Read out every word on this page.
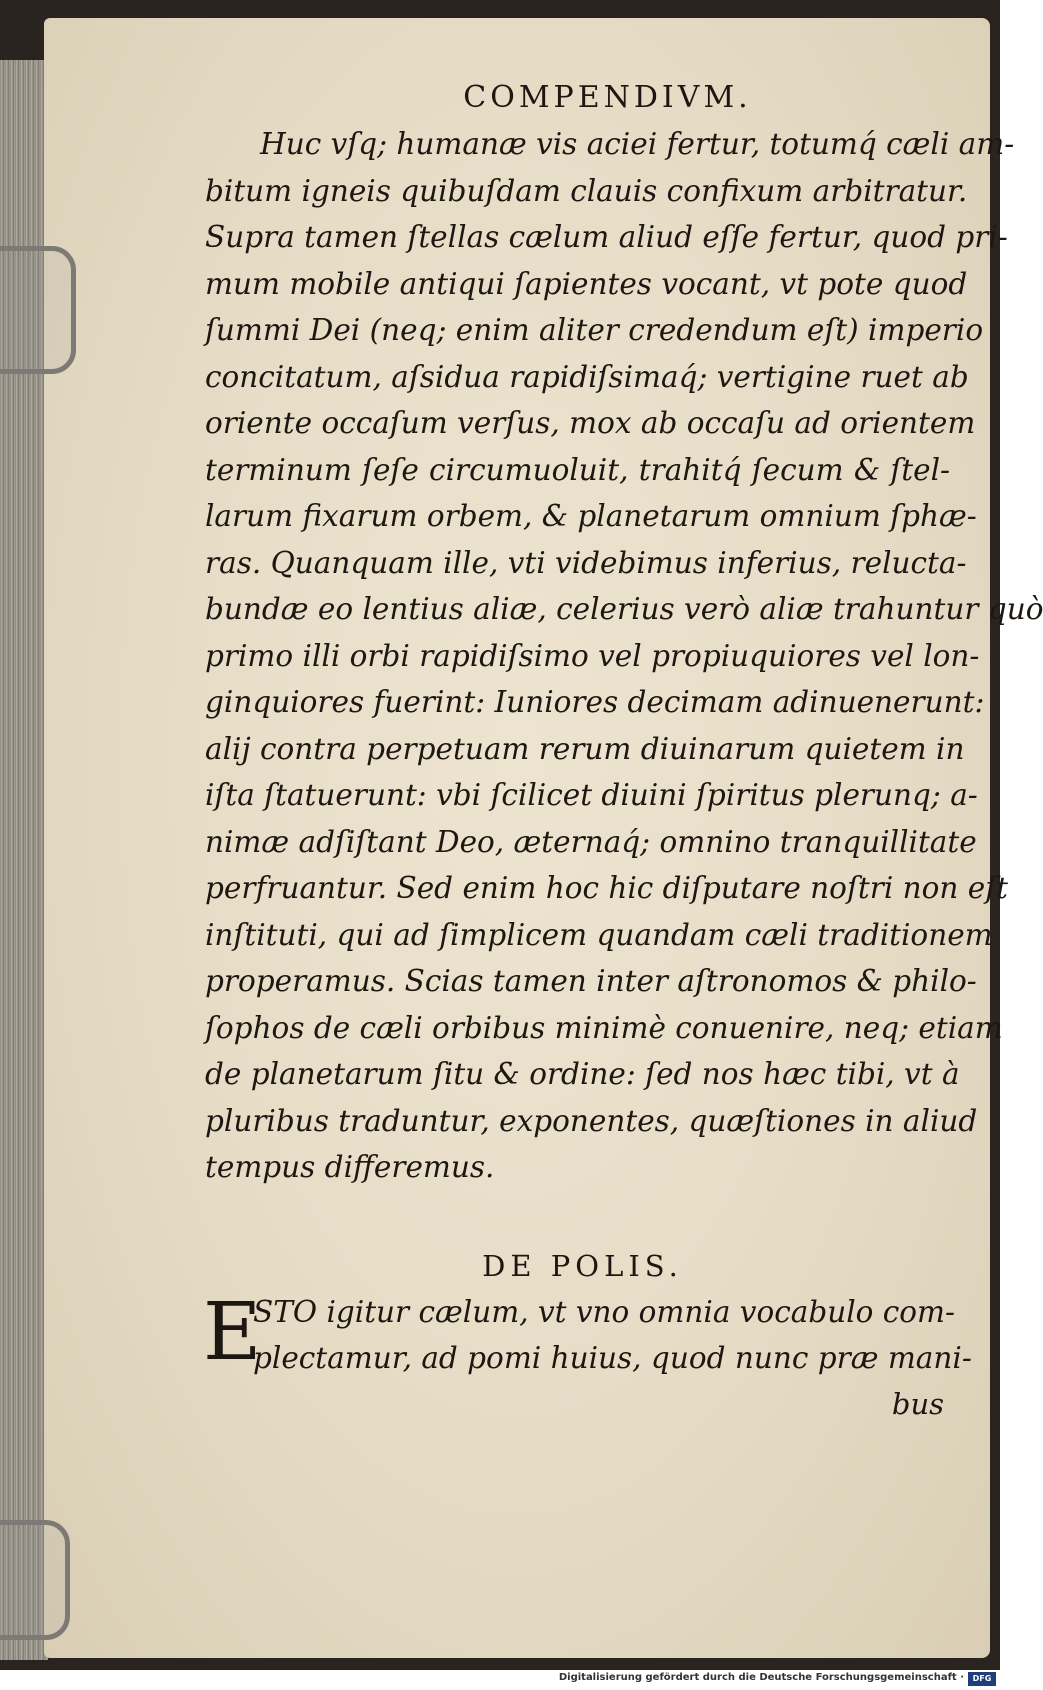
COMPENDIVM.
Huc vſq; humanæ vis aciei fertur, totumq́ cæli am-
bitum igneis quibuſdam clauis confixum arbitratur.
Supra tamen ſtellas cælum aliud eſſe fertur, quod pri-
mum mobile antiqui ſapientes vocant, vt pote quod
ſummi Dei (neq; enim aliter credendum eſt) imperio
concitatum, aſsidua rapidiſsimaq́; vertigine ruet ab
oriente occaſum verſus, mox ab occaſu ad orientem
terminum ſeſe circumuoluit, trahitq́ ſecum & ſtel-
larum fixarum orbem, & planetarum omnium ſphæ-
ras. Quanquam ille, vti videbimus inferius, relucta-
bundæ eo lentius aliæ, celerius verò aliæ trahuntur quò
primo illi orbi rapidiſsimo vel propiuquiores vel lon-
ginquiores fuerint: Iuniores decimam adinuenerunt:
alij contra perpetuam rerum diuinarum quietem in
iſta ſtatuerunt: vbi ſcilicet diuini ſpiritus plerunq; a-
nimæ adſiſtant Deo, æternaq́; omnino tranquillitate
perfruantur. Sed enim hoc hic diſputare noſtri non eſt
inſtituti, qui ad ſimplicem quandam cæli traditionem
properamus. Scias tamen inter aſtronomos & philo-
ſophos de cæli orbibus minimè conuenire, neq; etiam
de planetarum ſitu & ordine: ſed nos hæc tibi, vt à
pluribus traduntur, exponentes, quæſtiones in aliud
tempus differemus.
DE POLIS.
E
STO igitur cælum, vt vno omnia vocabulo com-
plectamur, ad pomi huius, quod nunc præ mani-
bus
Digitalisierung gefördert durch die Deutsche Forschungsgemeinschaft ·	DFG
